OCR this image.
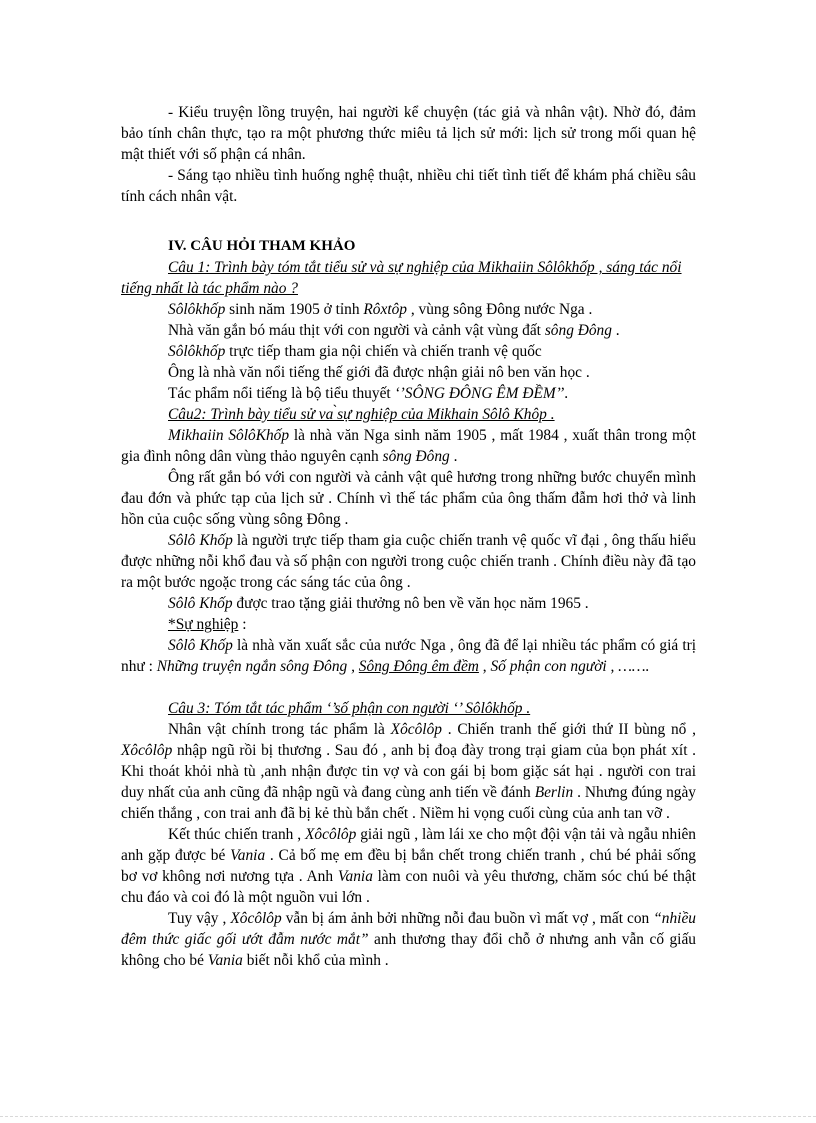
- Kiểu truyện lồng truyện, hai người kể chuyện (tác giả và nhân vật). Nhờ đó, đảm bảo tính chân thực, tạo ra một phương thức miêu tả lịch sử mới: lịch sử trong mối quan hệ mật thiết với số phận cá nhân.

- Sáng tạo nhiều tình huống nghệ thuật, nhiều chi tiết tình tiết để khám phá chiều sâu tính cách nhân vật.

IV. CÂU HỎI THAM KHẢO

Câu 1: Trình bày tóm tắt tiểu sử và sự nghiệp của Mikhaiin Sôlôkhốp , sáng tác nổi tiếng nhất là tác phẩm nào ?

Sôlôkhốp sinh năm 1905 ở tỉnh Rôxtôp , vùng sông Đông nước Nga .

Nhà văn gắn bó máu thịt với con người và cảnh vật vùng đất sông Đông .

Sôlôkhốp trực tiếp tham gia nội chiến và chiến tranh vệ quốc

Ông là nhà văn nổi tiếng thế giới đã được nhận giải nô ben văn học .

Tác phẩm nổi tiếng là bộ tiểu thuyết ‘’SÔNG ĐÔNG ÊM ĐỀM’’.

Câu2: Trình bày tiểu sử va ̀sự nghiệp của Mikhain Sôlô Khôp .

Mikhaiin SôlôKhốp là nhà văn Nga sinh năm 1905 , mất 1984 , xuất thân trong một gia đình nông dân vùng thảo nguyên cạnh sông Đông .

Ông rất gắn bó với con người và cảnh vật quê hương trong những bước chuyển mình đau đớn và phức tạp của lịch sử . Chính vì thế tác phẩm của ông thấm đẫm hơi thở và linh hồn của cuộc sống vùng sông Đông .

Sôlô Khốp là người trực tiếp tham gia cuộc chiến tranh vệ quốc vĩ đại , ông thấu hiểu được những nỗi khổ đau và số phận con người trong cuộc chiến tranh . Chính điều này đã tạo ra một bước ngoặc trong các sáng tác của ông .

Sôlô Khốp được trao tặng giải thưởng nô ben về văn học năm 1965 .

*Sự nghiệp :

Sôlô Khốp là nhà văn xuất sắc của nước Nga , ông đã để lại nhiều tác phẩm có giá trị như : Những truyện ngắn sông Đông , Sông Đông êm đềm , Số phận con người , …….

Câu 3: Tóm tắt tác phẩm ‘’số phận con người ‘’ Sôlôkhốp .

Nhân vật chính trong tác phẩm là Xôcôlôp . Chiến tranh thế giới thứ II bùng nổ , Xôcôlôp nhập ngũ rồi bị thương . Sau đó , anh bị đoạ đày trong trại giam của bọn phát xít . Khi thoát khỏi nhà tù ,anh nhận được tin vợ và con gái bị bom giặc sát hại . người con trai duy nhất của anh cũng đã nhập ngũ và đang cùng anh tiến về đánh Berlin . Nhưng đúng ngày chiến thắng , con trai anh đã bị kẻ thù bắn chết . Niềm hi vọng cuối cùng của anh tan vỡ .

Kết thúc chiến tranh , Xôcôlôp giải ngũ , làm lái xe cho một đội vận tải và ngẫu nhiên anh gặp được bé Vania . Cả bố mẹ em đều bị bắn chết trong chiến tranh , chú bé phải sống bơ vơ không nơi nương tựa . Anh Vania làm con nuôi và yêu thương, chăm sóc chú bé thật chu đáo và coi đó là một nguồn vui lớn .

Tuy vậy , Xôcôlôp vẫn bị ám ảnh bởi những nỗi đau buồn vì mất vợ , mất con “nhiều đêm thức giấc gối ướt đẫm nước mắt” anh thương thay đổi chỗ ở nhưng anh vẫn cố giấu không cho bé Vania biết nỗi khổ của mình .
